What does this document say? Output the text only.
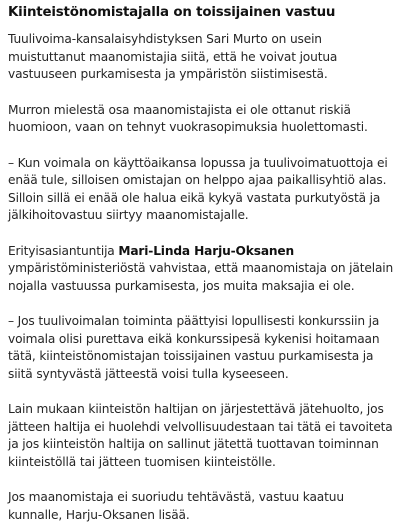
Kiinteistönomistajalla on toissijainen vastuu

Tuulivoima-kansalaisyhdistyksen Sari Murto on usein muistuttanut maanomistajia siitä, että he voivat joutua vastuuseen purkamisesta ja ympäristön siistimisestä.

Murron mielestä osa maanomistajista ei ole ottanut riskiä huomioon, vaan on tehnyt vuokrasopimuksia huolettomasti.

– Kun voimala on käyttöaikansa lopussa ja tuulivoimatuottoja ei enää tule, silloisen omistajan on helppo ajaa paikallisyhtiö alas. Silloin sillä ei enää ole halua eikä kykyä vastata purkutyöstä ja jälkihoitovastuu siirtyy maanomistajalle.

Erityisasiantuntija Mari-Linda Harju-Oksanen ympäristöministeriöstä vahvistaa, että maanomistaja on jätelain nojalla vastuussa purkamisesta, jos muita maksajia ei ole.

– Jos tuulivoimalan toiminta päättyisi lopullisesti konkurssiin ja voimala olisi purettava eikä konkurssipesä kykenisi hoitamaan tätä, kiinteistönomistajan toissijainen vastuu purkamisesta ja siitä syntyvästä jätteestä voisi tulla kyseeseen.

Lain mukaan kiinteistön haltijan on järjestettävä jätehuolto, jos jätteen haltija ei huolehdi velvollisuudestaan tai tätä ei tavoiteta ja jos kiinteistön haltija on sallinut jätettä tuottavan toiminnan kiinteistöllä tai jätteen tuomisen kiinteistölle.

Jos maanomistaja ei suoriudu tehtävästä, vastuu kaatuu kunnalle, Harju-Oksanen lisää.
